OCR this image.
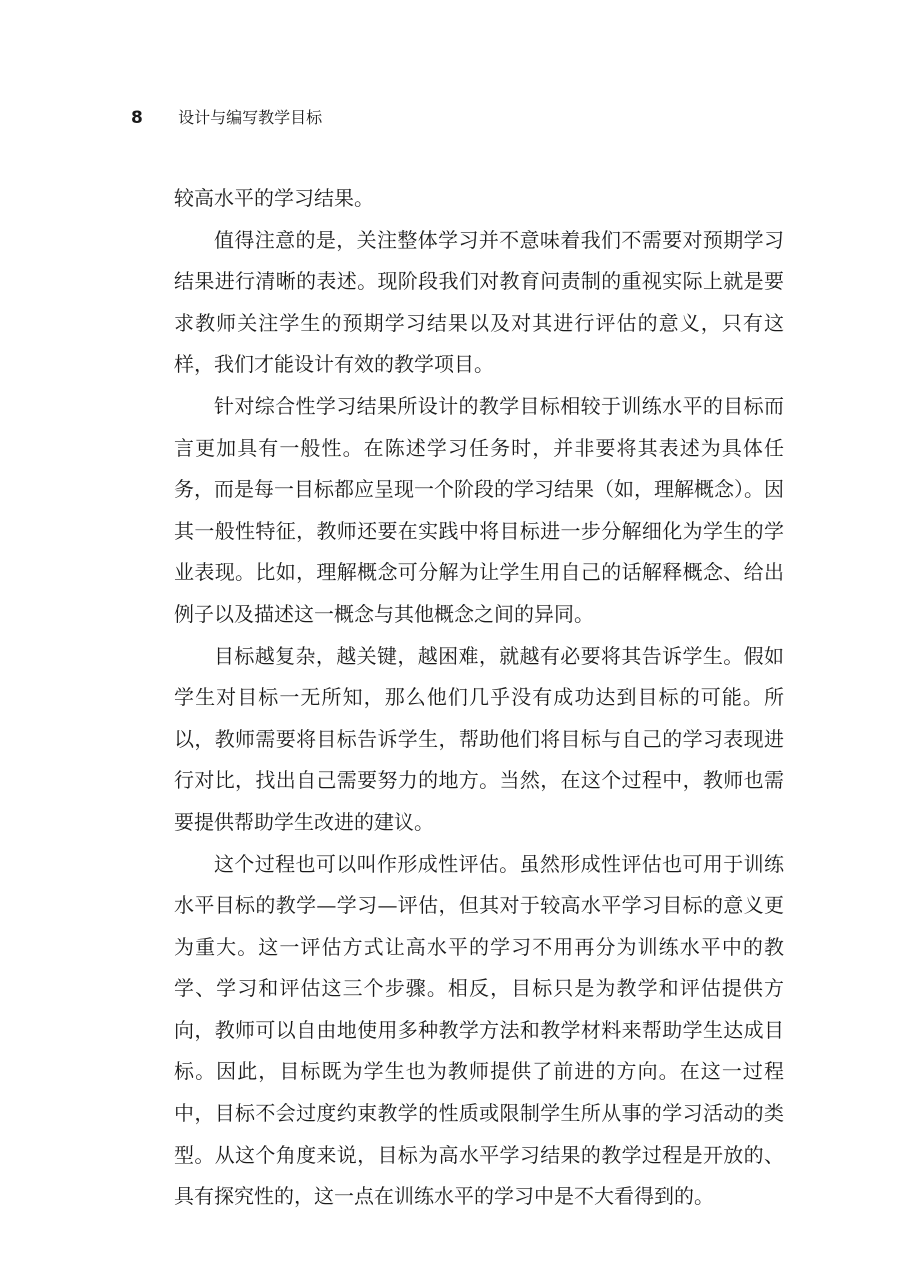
8 设计与编写教学目标

较高水平的学习结果。

值得注意的是，关注整体学习并不意味着我们不需要对预期学习结果进行清晰的表述。现阶段我们对教育问责制的重视实际上就是要求教师关注学生的预期学习结果以及对其进行评估的意义，只有这样，我们才能设计有效的教学项目。

针对综合性学习结果所设计的教学目标相较于训练水平的目标而言更加具有一般性。在陈述学习任务时，并非要将其表述为具体任务，而是每一目标都应呈现一个阶段的学习结果（如，理解概念）。因其一般性特征，教师还要在实践中将目标进一步分解细化为学生的学业表现。比如，理解概念可分解为让学生用自己的话解释概念、给出例子以及描述这一概念与其他概念之间的异同。

目标越复杂，越关键，越困难，就越有必要将其告诉学生。假如学生对目标一无所知，那么他们几乎没有成功达到目标的可能。所以，教师需要将目标告诉学生，帮助他们将目标与自己的学习表现进行对比，找出自己需要努力的地方。当然，在这个过程中，教师也需要提供帮助学生改进的建议。

这个过程也可以叫作形成性评估。虽然形成性评估也可用于训练水平目标的教学—学习—评估，但其对于较高水平学习目标的意义更为重大。这一评估方式让高水平的学习不用再分为训练水平中的教学、学习和评估这三个步骤。相反，目标只是为教学和评估提供方向，教师可以自由地使用多种教学方法和教学材料来帮助学生达成目标。因此，目标既为学生也为教师提供了前进的方向。在这一过程中，目标不会过度约束教学的性质或限制学生所从事的学习活动的类型。从这个角度来说，目标为高水平学习结果的教学过程是开放的、具有探究性的，这一点在训练水平的学习中是不大看得到的。
